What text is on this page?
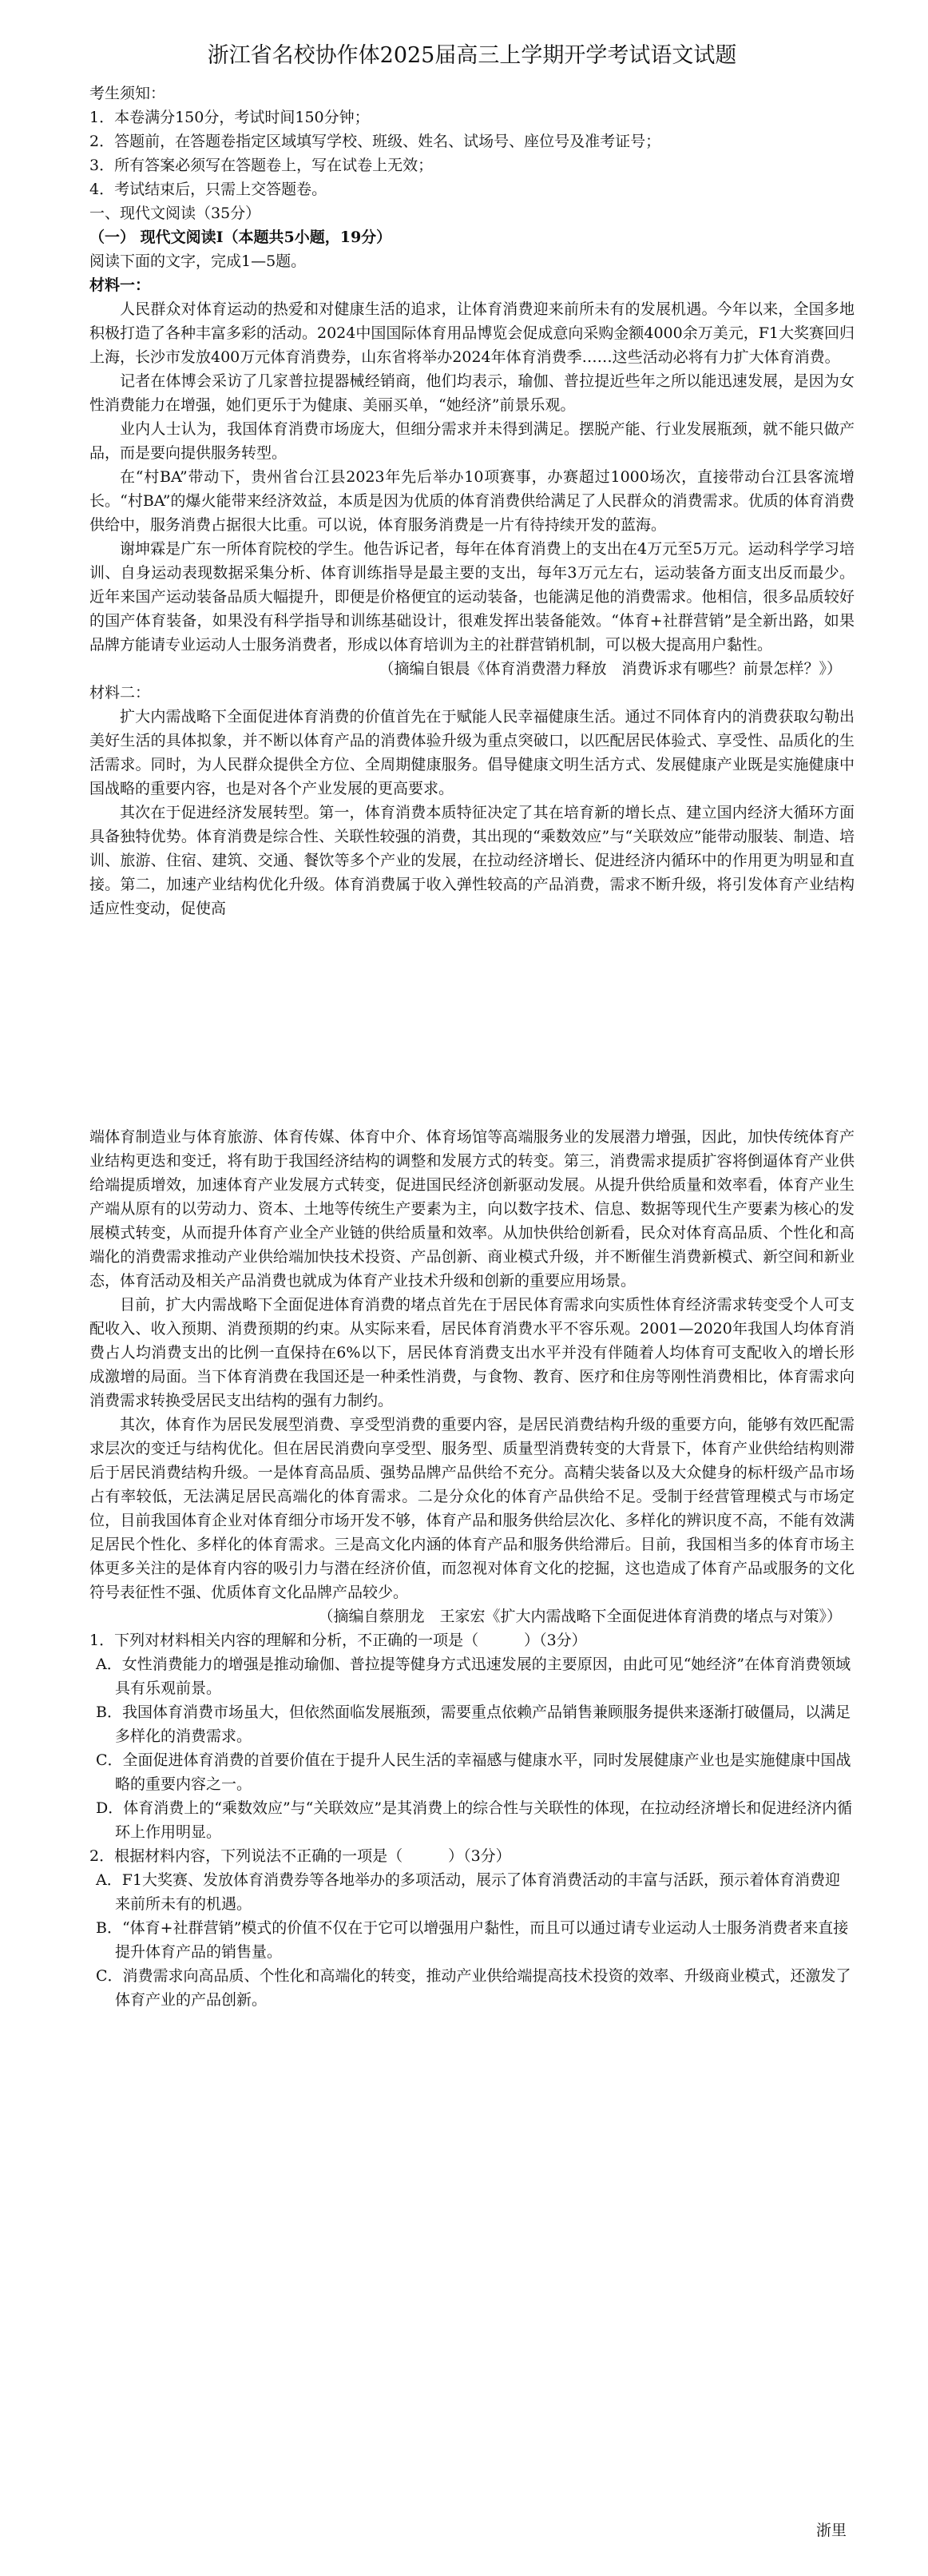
浙江省名校协作体2025届高三上学期开学考试语文试题

考生须知：

1．本卷满分150分，考试时间150分钟；

2．答题前，在答题卷指定区域填写学校、班级、姓名、试场号、座位号及准考证号；

3．所有答案必须写在答题卷上，写在试卷上无效；

4．考试结束后，只需上交答题卷。

一、现代文阅读（35分）

（一） 现代文阅读Ⅰ（本题共5小题，19分）

阅读下面的文字，完成1—5题。

材料一：

人民群众对体育运动的热爱和对健康生活的追求，让体育消费迎来前所未有的发展机遇。今年以来，全国多地积极打造了各种丰富多彩的活动。2024中国国际体育用品博览会促成意向采购金额4000余万美元，F1大奖赛回归上海，长沙市发放400万元体育消费券，山东省将举办2024年体育消费季……这些活动必将有力扩大体育消费。

记者在体博会采访了几家普拉提器械经销商，他们均表示，瑜伽、普拉提近些年之所以能迅速发展，是因为女性消费能力在增强，她们更乐于为健康、美丽买单，“她经济”前景乐观。

业内人士认为，我国体育消费市场庞大，但细分需求并未得到满足。摆脱产能、行业发展瓶颈，就不能只做产品，而是要向提供服务转型。

在“村BA”带动下，贵州省台江县2023年先后举办10项赛事，办赛超过1000场次，直接带动台江县客流增长。“村BA”的爆火能带来经济效益，本质是因为优质的体育消费供给满足了人民群众的消费需求。优质的体育消费供给中，服务消费占据很大比重。可以说，体育服务消费是一片有待持续开发的蓝海。

谢坤霖是广东一所体育院校的学生。他告诉记者，每年在体育消费上的支出在4万元至5万元。运动科学学习培训、自身运动表现数据采集分析、体育训练指导是最主要的支出，每年3万元左右，运动装备方面支出反而最少。近年来国产运动装备品质大幅提升，即便是价格便宜的运动装备，也能满足他的消费需求。他相信，很多品质较好的国产体育装备，如果没有科学指导和训练基础设计，很难发挥出装备能效。“体育+社群营销”是全新出路，如果品牌方能请专业运动人士服务消费者，形成以体育培训为主的社群营销机制，可以极大提高用户黏性。

（摘编自银晨《体育消费潜力释放　消费诉求有哪些？前景怎样？》）

材料二：

扩大内需战略下全面促进体育消费的价值首先在于赋能人民幸福健康生活。通过不同体育内的消费获取勾勒出美好生活的具体拟象，并不断以体育产品的消费体验升级为重点突破口，以匹配居民体验式、享受性、品质化的生活需求。同时，为人民群众提供全方位、全周期健康服务。倡导健康文明生活方式、发展健康产业既是实施健康中国战略的重要内容，也是对各个产业发展的更高要求。

其次在于促进经济发展转型。第一，体育消费本质特征决定了其在培育新的增长点、建立国内经济大循环方面具备独特优势。体育消费是综合性、关联性较强的消费，其出现的“乘数效应”与“关联效应”能带动服装、制造、培训、旅游、住宿、建筑、交通、餐饮等多个产业的发展，在拉动经济增长、促进经济内循环中的作用更为明显和直接。第二，加速产业结构优化升级。体育消费属于收入弹性较高的产品消费，需求不断升级，将引发体育产业结构适应性变动，促使高

端体育制造业与体育旅游、体育传媒、体育中介、体育场馆等高端服务业的发展潜力增强，因此，加快传统体育产业结构更迭和变迁，将有助于我国经济结构的调整和发展方式的转变。第三，消费需求提质扩容将倒逼体育产业供给端提质增效，加速体育产业发展方式转变，促进国民经济创新驱动发展。从提升供给质量和效率看，体育产业生产端从原有的以劳动力、资本、土地等传统生产要素为主，向以数字技术、信息、数据等现代生产要素为核心的发展模式转变，从而提升体育产业全产业链的供给质量和效率。从加快供给创新看，民众对体育高品质、个性化和高端化的消费需求推动产业供给端加快技术投资、产品创新、商业模式升级，并不断催生消费新模式、新空间和新业态，体育活动及相关产品消费也就成为体育产业技术升级和创新的重要应用场景。

目前，扩大内需战略下全面促进体育消费的堵点首先在于居民体育需求向实质性体育经济需求转变受个人可支配收入、收入预期、消费预期的约束。从实际来看，居民体育消费水平不容乐观。2001—2020年我国人均体育消费占人均消费支出的比例一直保持在6%以下，居民体育消费支出水平并没有伴随着人均体育可支配收入的增长形成激增的局面。当下体育消费在我国还是一种柔性消费，与食物、教育、医疗和住房等刚性消费相比，体育需求向消费需求转换受居民支出结构的强有力制约。

其次，体育作为居民发展型消费、享受型消费的重要内容，是居民消费结构升级的重要方向，能够有效匹配需求层次的变迁与结构优化。但在居民消费向享受型、服务型、质量型消费转变的大背景下，体育产业供给结构则滞后于居民消费结构升级。一是体育高品质、强势品牌产品供给不充分。高精尖装备以及大众健身的标杆级产品市场占有率较低，无法满足居民高端化的体育需求。二是分众化的体育产品供给不足。受制于经营管理模式与市场定位，目前我国体育企业对体育细分市场开发不够，体育产品和服务供给层次化、多样化的辨识度不高，不能有效满足居民个性化、多样化的体育需求。三是高文化内涵的体育产品和服务供给滞后。目前，我国相当多的体育市场主体更多关注的是体育内容的吸引力与潜在经济价值，而忽视对体育文化的挖掘，这也造成了体育产品或服务的文化符号表征性不强、优质体育文化品牌产品较少。

（摘编自蔡朋龙　王家宏《扩大内需战略下全面促进体育消费的堵点与对策》）

1．下列对材料相关内容的理解和分析，不正确的一项是（　　　）（3分）

A．女性消费能力的增强是推动瑜伽、普拉提等健身方式迅速发展的主要原因，由此可见“她经济”在体育消费领域具有乐观前景。

B．我国体育消费市场虽大，但依然面临发展瓶颈，需要重点依赖产品销售兼顾服务提供来逐渐打破僵局，以满足多样化的消费需求。

C．全面促进体育消费的首要价值在于提升人民生活的幸福感与健康水平，同时发展健康产业也是实施健康中国战略的重要内容之一。

D．体育消费上的“乘数效应”与“关联效应”是其消费上的综合性与关联性的体现，在拉动经济增长和促进经济内循环上作用明显。

2．根据材料内容，下列说法不正确的一项是（　　　）（3分）

A．F1大奖赛、发放体育消费券等各地举办的多项活动，展示了体育消费活动的丰富与活跃，预示着体育消费迎来前所未有的机遇。

B．“体育+社群营销”模式的价值不仅在于它可以增强用户黏性，而且可以通过请专业运动人士服务消费者来直接提升体育产品的销售量。

C．消费需求向高品质、个性化和高端化的转变，推动产业供给端提高技术投资的效率、升级商业模式，还激发了体育产业的产品创新。

浙里
